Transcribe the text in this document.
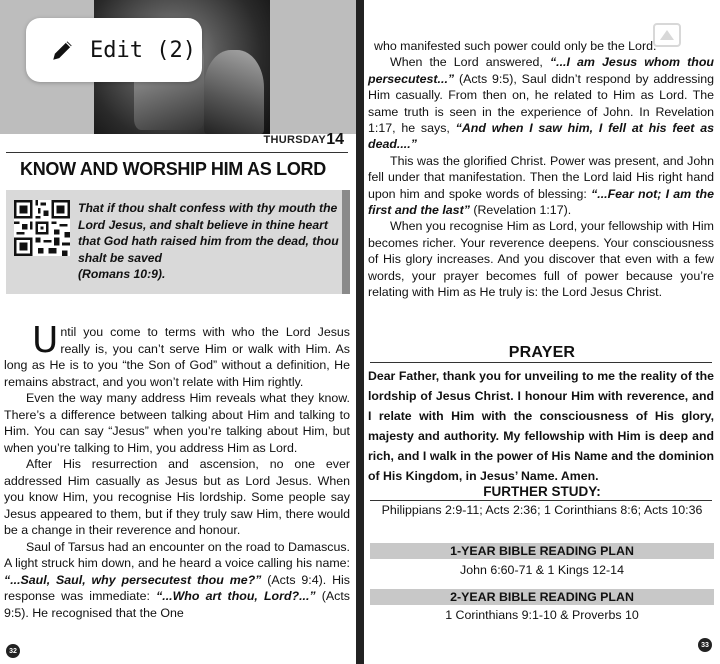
Edit (2)
THURSDAY 14
KNOW AND WORSHIP HIM AS LORD
That if thou shalt confess with thy mouth the Lord Jesus, and shalt believe in thine heart that God hath raised him from the dead, thou shalt be saved
(Romans 10:9).

Until you come to terms with who the Lord Jesus really is, you can’t serve Him or walk with Him. As long as He is to you “the Son of God” without a definition, He remains abstract, and you won’t relate with Him rightly.

Even the way many address Him reveals what they know. There’s a difference between talking about Him and talking to Him. You can say “Jesus” when you’re talking about Him, but when you’re talking to Him, you address Him as Lord.

After His resurrection and ascension, no one ever addressed Him casually as Jesus but as Lord Jesus. When you know Him, you recognise His lordship. Some people say Jesus appeared to them, but if they truly saw Him, there would be a change in their reverence and honour.

Saul of Tarsus had an encounter on the road to Damascus. A light struck him down, and he heard a voice calling his name: “...Saul, Saul, why persecutest thou me?” (Acts 9:4). His response was immediate: “...Who art thou, Lord?...” (Acts 9:5). He recognised that the One

32

who manifested such power could only be the Lord.

When the Lord answered, “...I am Jesus whom thou persecutest...” (Acts 9:5), Saul didn’t respond by addressing Him casually. From then on, he related to Him as Lord. The same truth is seen in the experience of John. In Revelation 1:17, he says, “And when I saw him, I fell at his feet as dead....”

This was the glorified Christ. Power was present, and John fell under that manifestation. Then the Lord laid His right hand upon him and spoke words of blessing: “...Fear not; I am the first and the last” (Revelation 1:17).

When you recognise Him as Lord, your fellowship with Him becomes richer. Your reverence deepens. Your consciousness of His glory increases. And you discover that even with a few words, your prayer becomes full of power because you’re relating with Him as He truly is: the Lord Jesus Christ.

PRAYER
Dear Father, thank you for unveiling to me the reality of the lordship of Jesus Christ. I honour Him with reverence, and I relate with Him with the consciousness of His glory, majesty and authority. My fellowship with Him is deep and rich, and I walk in the power of His Name and the dominion of His Kingdom, in Jesus’ Name. Amen.
FURTHER STUDY:
Philippians 2:9-11; Acts 2:36; 1 Corinthians 8:6; Acts 10:36
1-YEAR BIBLE READING PLAN
John 6:60-71 & 1 Kings 12-14
2-YEAR BIBLE READING PLAN
1 Corinthians 9:1-10 & Proverbs 10
33
